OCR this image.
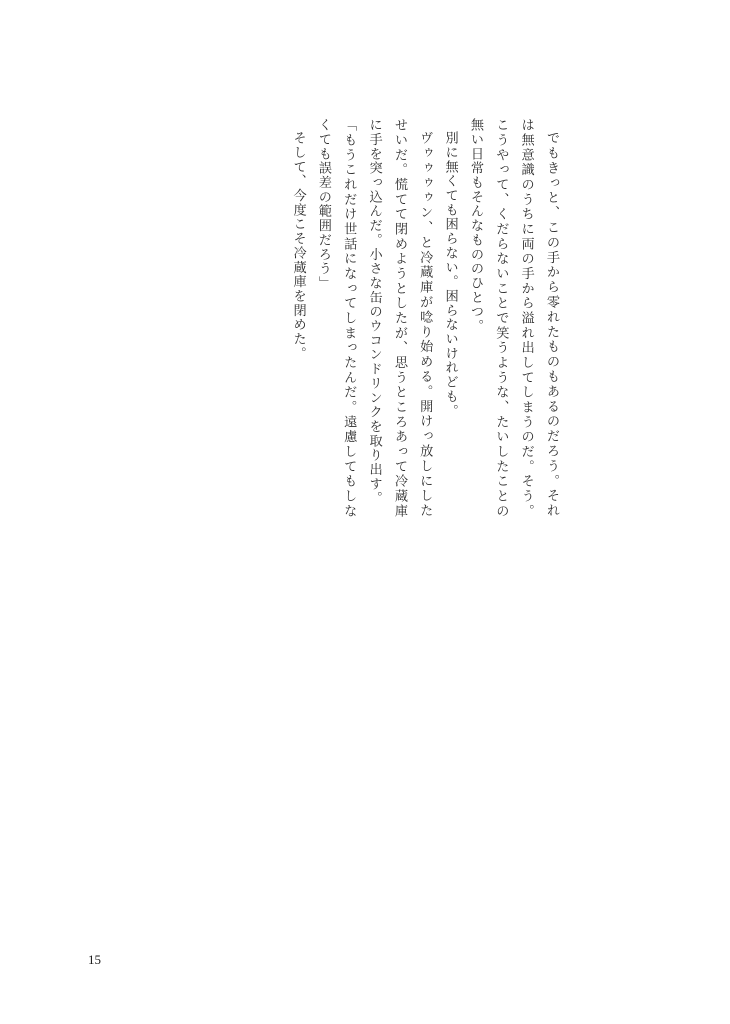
でもきっと、この手から零れたものもあるのだろう。それは無意識のうちに両の手から溢れ出してしまうのだ。そう。こうやって、くだらないことで笑うような、たいしたことの無い日常もそんなもののひとつ。

別に無くても困らない。困らないけれども。

ヴゥゥゥゥン、と冷蔵庫が唸り始める。開けっ放しにしたせいだ。慌てて閉めようとしたが、思うところあって冷蔵庫に手を突っ込んだ。小さな缶のウコンドリンクを取り出す。

「もうこれだけ世話になってしまったんだ。遠慮してもしなくても誤差の範囲だろう」

そして、今度こそ冷蔵庫を閉めた。

15
